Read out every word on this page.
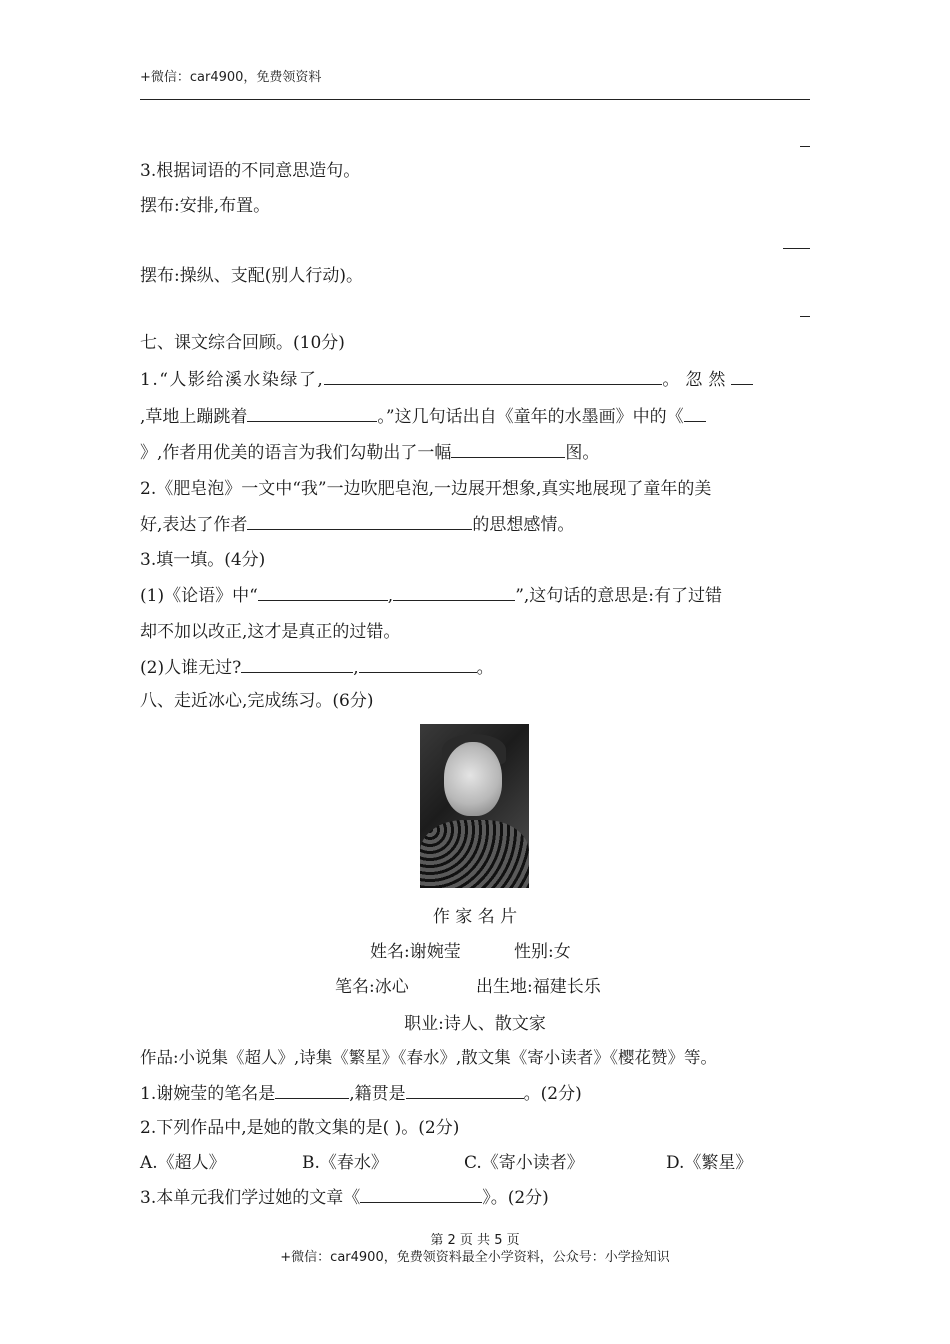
+微信：car4900，免费领资料
3.根据词语的不同意思造句。
摆布:安排,布置。
摆布:操纵、支配(别人行动)。
七、课文综合回顾。(10分)
1.“人影给溪水染绿了,	。忽然
,草地上蹦跳着	。”这几句话出自《童年的水墨画》中的《
》,作者用优美的语言为我们勾勒出了一幅	图。
2.《肥皂泡》一文中“我”一边吹肥皂泡,一边展开想象,真实地展现了童年的美
好,表达了作者	的思想感情。
3.填一填。(4分)
(1)《论语》中“	,	”,这句话的意思是:有了过错
却不加以改正,这才是真正的过错。
(2)人谁无过?	,	。
八、走近冰心,完成练习。(6分)
作 家 名 片
姓名:谢婉莹	性别:女
笔名:冰心	出生地:福建长乐
职业:诗人、散文家
作品:小说集《超人》,诗集《繁星》《春水》,散文集《寄小读者》《樱花赞》等。
1.谢婉莹的笔名是	,籍贯是	。(2分)
2.下列作品中,是她的散文集的是( )。(2分)
A.《超人》	B.《春水》	C.《寄小读者》	D.《繁星》
3.本单元我们学过她的文章《	》。(2分)
第 2 页 共 5 页
+微信：car4900，免费领资料最全小学资料，公众号：小学捡知识
